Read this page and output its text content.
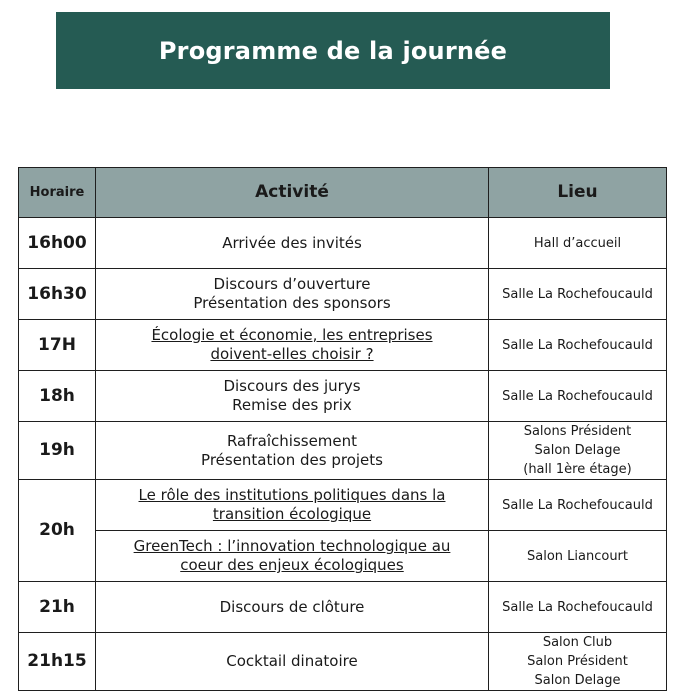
Programme de la journée
Horaire	Activité	Lieu
16h00	Arrivée des invités	Hall d’accueil

16h30	Discours d’ouverture
Présentation des sponsors	Salle La Rochefoucauld

17H	Écologie et économie, les entreprises
doivent-elles choisir ?	Salle La Rochefoucauld

18h	Discours des jurys
Remise des prix	Salle La Rochefoucauld

19h	Rafraîchissement
Présentation des projets	Salons Président
Salon Delage
(hall 1ère étage)

20h	Le rôle des institutions politiques dans la
transition écologique	Salle La Rochefoucauld

	GreenTech : l’innovation technologique au
coeur des enjeux écologiques	Salon Liancourt

21h	Discours de clôture	Salle La Rochefoucauld

21h15	Cocktail dinatoire	Salon Club
Salon Président
Salon Delage
